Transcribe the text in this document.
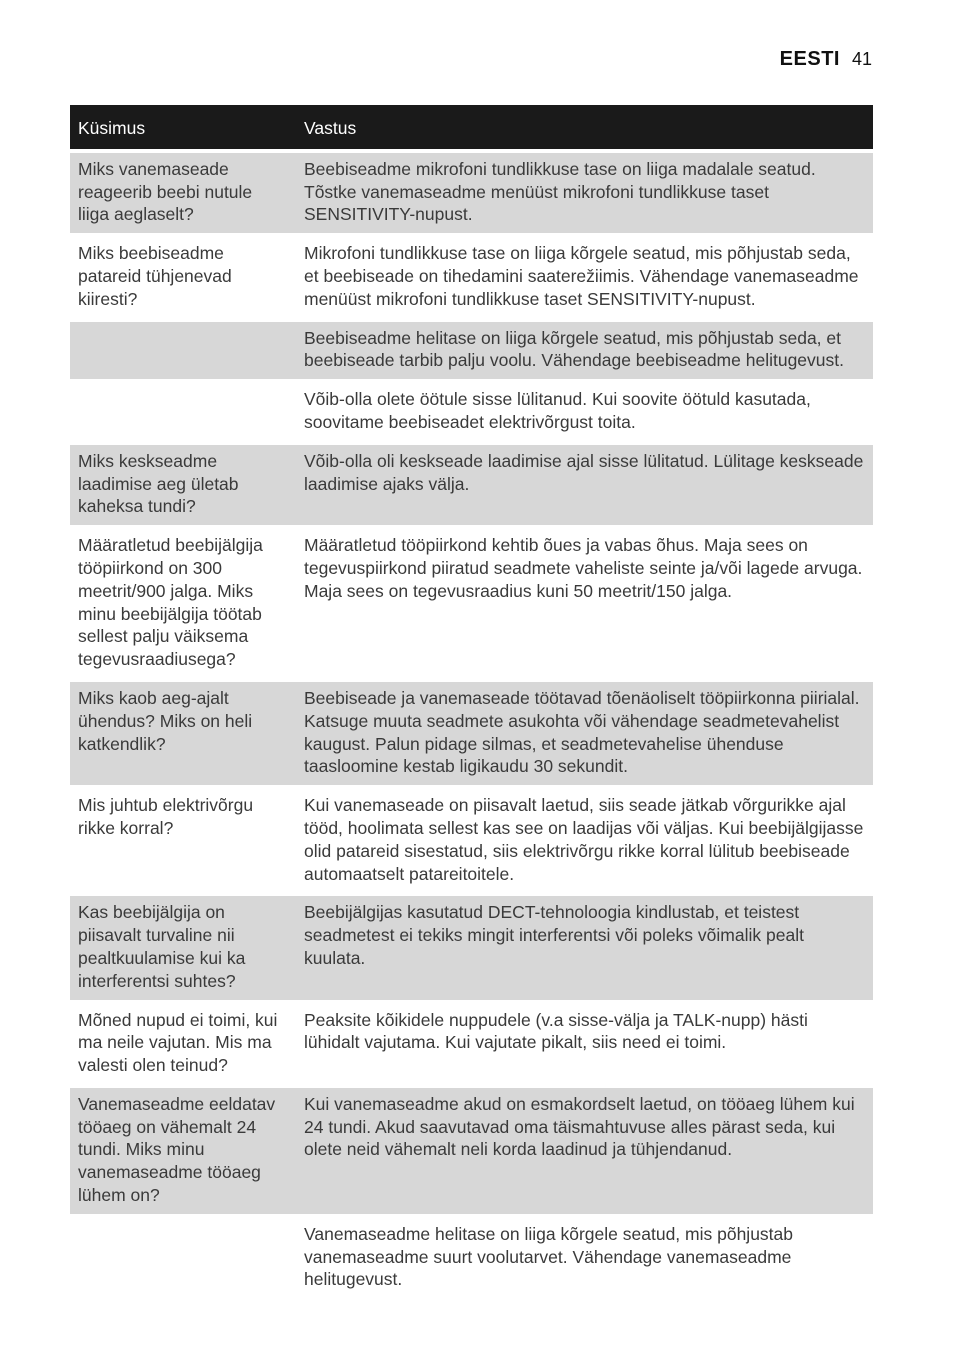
EESTI 41
Küsimus	Vastus
Miks vanemaseade reageerib beebi nutule liiga aeglaselt?	Beebiseadme mikrofoni tundlikkuse tase on liiga madalale seatud. Tõstke vanemaseadme menüüst mikrofoni tundlikkuse taset SENSITIVITY-nupust.
Miks beebiseadme patareid tühjenevad kiiresti?	Mikrofoni tundlikkuse tase on liiga kõrgele seatud, mis põhjustab seda, et beebiseade on tihedamini saaterežiimis. Vähendage vanemaseadme menüüst mikrofoni tundlikkuse taset SENSITIVITY-nupust.
	Beebiseadme helitase on liiga kõrgele seatud, mis põhjustab seda, et beebiseade tarbib palju voolu. Vähendage beebiseadme helitugevust.
	Võib-olla olete öötule sisse lülitanud. Kui soovite öötuld kasutada, soovitame beebiseadet elektrivõrgust toita.
Miks keskseadme laadimise aeg ületab kaheksa tundi?	Võib-olla oli keskseade laadimise ajal sisse lülitatud. Lülitage keskseade laadimise ajaks välja.
Määratletud beebijälgija tööpiirkond on 300 meetrit/900 jalga. Miks minu beebijälgija töötab sellest palju väiksema tegevusraadiusega?	Määratletud tööpiirkond kehtib õues ja vabas õhus. Maja sees on tegevuspiirkond piiratud seadmete vaheliste seinte ja/või lagede arvuga. Maja sees on tegevusraadius kuni 50 meetrit/150 jalga.
Miks kaob aeg-ajalt ühendus? Miks on heli katkendlik?	Beebiseade ja vanemaseade töötavad tõenäoliselt tööpiirkonna piirialal. Katsuge muuta seadmete asukohta või vähendage seadmetevahelist kaugust. Palun pidage silmas, et seadmetevahelise ühenduse taasloomine kestab ligikaudu 30 sekundit.
Mis juhtub elektrivõrgu rikke korral?	Kui vanemaseade on piisavalt laetud, siis seade jätkab võrgurikke ajal tööd, hoolimata sellest kas see on laadijas või väljas. Kui beebijälgijasse olid patareid sisestatud, siis elektrivõrgu rikke korral lülitub beebiseade automaatselt patareitoitele.
Kas beebijälgija on piisavalt turvaline nii pealtkuulamise kui ka interferentsi suhtes?	Beebijälgijas kasutatud DECT-tehnoloogia kindlustab, et teistest seadmetest ei tekiks mingit interferentsi või poleks võimalik pealt kuulata.
Mõned nupud ei toimi, kui ma neile vajutan. Mis ma valesti olen teinud?	Peaksite kõikidele nuppudele (v.a sisse-välja ja TALK-nupp) hästi lühidalt vajutama. Kui vajutate pikalt, siis need ei toimi.
Vanemaseadme eeldatav tööaeg on vähemalt 24 tundi. Miks minu vanemaseadme tööaeg lühem on?	Kui vanemaseadme akud on esmakordselt laetud, on tööaeg lühem kui 24 tundi. Akud saavutavad oma täismahtuvuse alles pärast seda, kui olete neid vähemalt neli korda laadinud ja tühjendanud.
	Vanemaseadme helitase on liiga kõrgele seatud, mis põhjustab vanemaseadme suurt voolutarvet. Vähendage vanemaseadme helitugevust.
